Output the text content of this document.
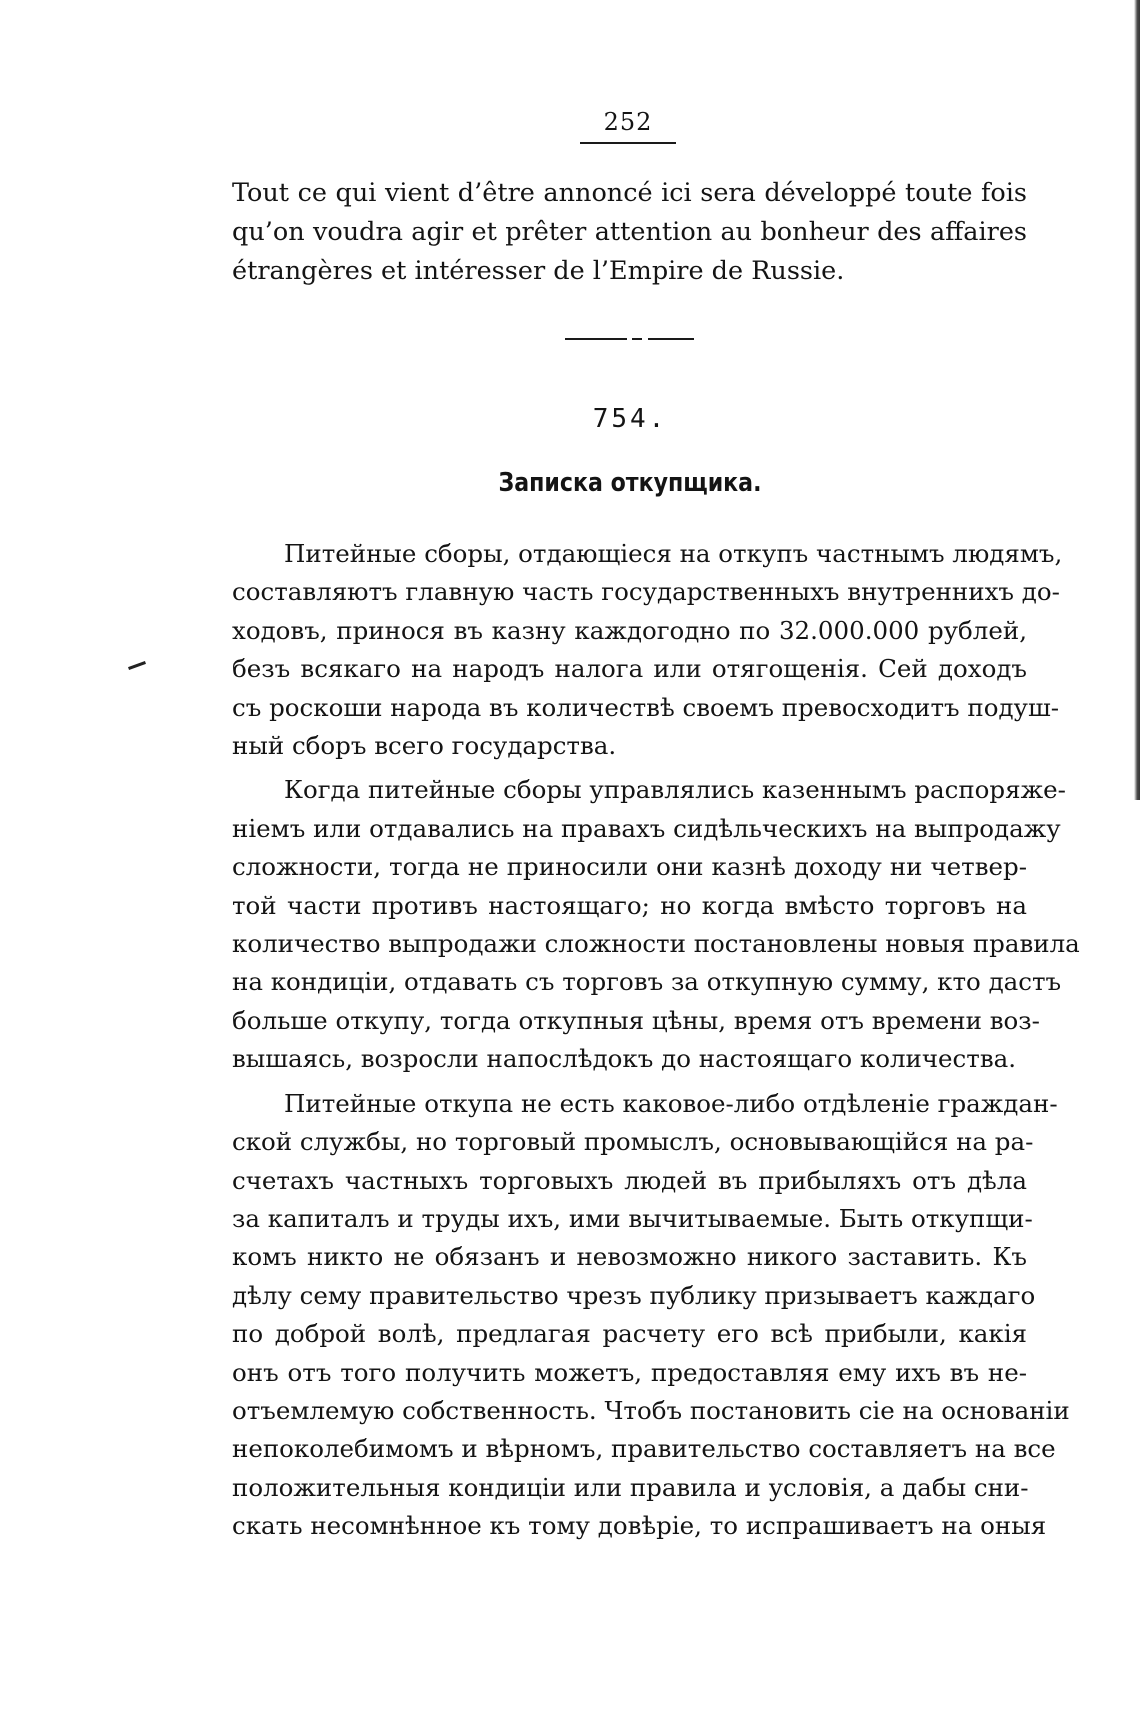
252

Tout ce qui vient d’être annoncé ici sera développé toute fois
qu’on voudra agir et prêter attention au bonheur des affaires
étrangères et intéresser de l’Empire de Russie.

754.
Записка откупщика.
Питейные сборы, отдающіеся на откупъ частнымъ людямъ,
составляютъ главную часть государственныхъ внутреннихъ до-
ходовъ, принося въ казну каждогодно по 32.000.000 рублей,
безъ всякаго на народъ налога или отягощенія. Сей доходъ
съ роскоши народа въ количествѣ своемъ превосходитъ подуш-
ный сборъ всего государства.
Когда питейные сборы управлялись казеннымъ распоряже-
ніемъ или отдавались на правахъ сидѣльческихъ на выпродажу
сложности, тогда не приносили они казнѣ доходу ни четвер-
той части противъ настоящаго; но когда вмѣсто торговъ на
количество выпродажи сложности постановлены новыя правила
на кондиціи, отдавать съ торговъ за откупную сумму, кто дастъ
больше откупу, тогда откупныя цѣны, время отъ времени воз-
вышаясь, возросли напослѣдокъ до настоящаго количества.
Питейные откупа не есть каковое-либо отдѣленіе граждан-
ской службы, но торговый промыслъ, основывающійся на ра-
счетахъ частныхъ торговыхъ людей въ прибыляхъ отъ дѣла
за капиталъ и труды ихъ, ими вычитываемые. Быть откупщи-
комъ никто не обязанъ и невозможно никого заставить. Къ
дѣлу сему правительство чрезъ публику призываетъ каждаго
по доброй волѣ, предлагая расчету его всѣ прибыли, какія
онъ отъ того получить можетъ, предоставляя ему ихъ въ не-
отъемлемую собственность. Чтобъ постановить сіе на основаніи
непоколебимомъ и вѣрномъ, правительство составляетъ на все
положительныя кондиціи или правила и условія, а дабы сни-
скать несомнѣнное къ тому довѣріе, то испрашиваетъ на оныя
